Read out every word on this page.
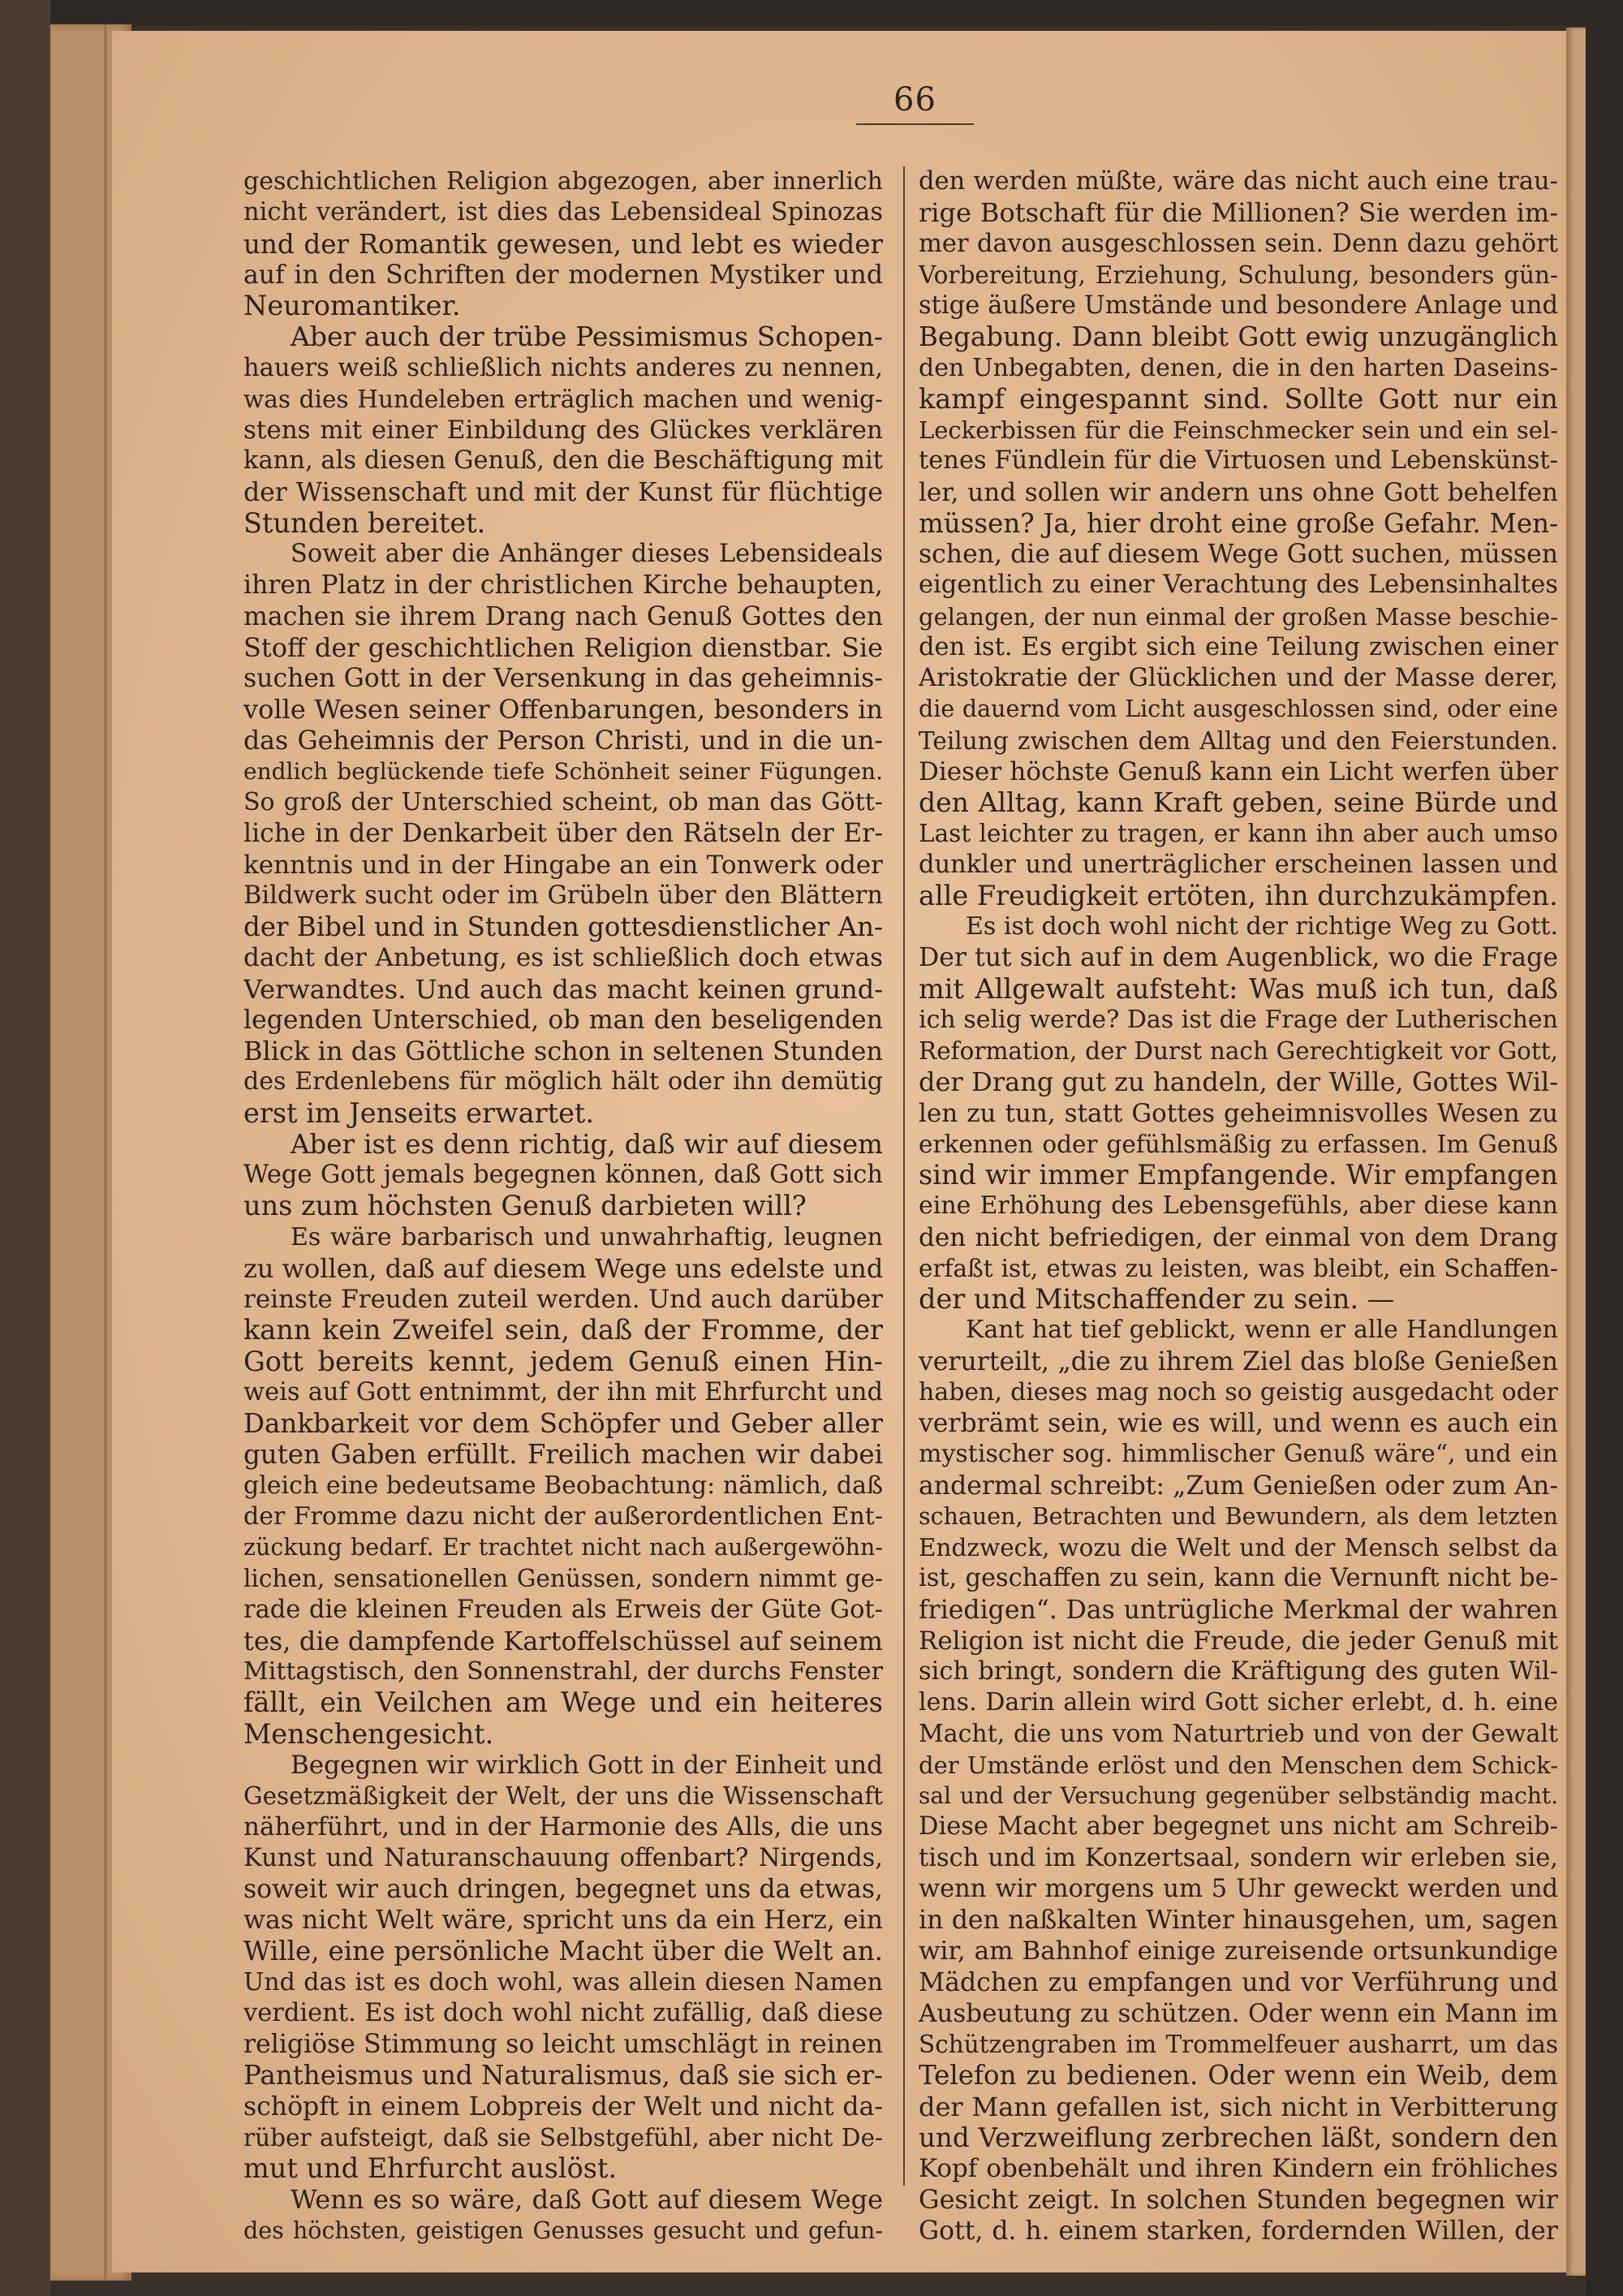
66
geschichtlichen Religion abgezogen, aber innerlich
nicht verändert, ist dies das Lebensideal Spinozas
und der Romantik gewesen, und lebt es wieder
auf in den Schriften der modernen Mystiker und
Neuromantiker.
Aber auch der trübe Pessimismus Schopen-
hauers weiß schließlich nichts anderes zu nennen,
was dies Hundeleben erträglich machen und wenig-
stens mit einer Einbildung des Glückes verklären
kann, als diesen Genuß, den die Beschäftigung mit
der Wissenschaft und mit der Kunst für flüchtige
Stunden bereitet.
Soweit aber die Anhänger dieses Lebensideals
ihren Platz in der christlichen Kirche behaupten,
machen sie ihrem Drang nach Genuß Gottes den
Stoff der geschichtlichen Religion dienstbar. Sie
suchen Gott in der Versenkung in das geheimnis-
volle Wesen seiner Offenbarungen, besonders in
das Geheimnis der Person Christi, und in die un-
endlich beglückende tiefe Schönheit seiner Fügungen.
So groß der Unterschied scheint, ob man das Gött-
liche in der Denkarbeit über den Rätseln der Er-
kenntnis und in der Hingabe an ein Tonwerk oder
Bildwerk sucht oder im Grübeln über den Blättern
der Bibel und in Stunden gottesdienstlicher An-
dacht der Anbetung, es ist schließlich doch etwas
Verwandtes. Und auch das macht keinen grund-
legenden Unterschied, ob man den beseligenden
Blick in das Göttliche schon in seltenen Stunden
des Erdenlebens für möglich hält oder ihn demütig
erst im Jenseits erwartet.
Aber ist es denn richtig, daß wir auf diesem
Wege Gott jemals begegnen können, daß Gott sich
uns zum höchsten Genuß darbieten will?
Es wäre barbarisch und unwahrhaftig, leugnen
zu wollen, daß auf diesem Wege uns edelste und
reinste Freuden zuteil werden. Und auch darüber
kann kein Zweifel sein, daß der Fromme, der
Gott bereits kennt, jedem Genuß einen Hin-
weis auf Gott entnimmt, der ihn mit Ehrfurcht und
Dankbarkeit vor dem Schöpfer und Geber aller
guten Gaben erfüllt. Freilich machen wir dabei
gleich eine bedeutsame Beobachtung: nämlich, daß
der Fromme dazu nicht der außerordentlichen Ent-
zückung bedarf. Er trachtet nicht nach außergewöhn-
lichen, sensationellen Genüssen, sondern nimmt ge-
rade die kleinen Freuden als Erweis der Güte Got-
tes, die dampfende Kartoffelschüssel auf seinem
Mittagstisch, den Sonnenstrahl, der durchs Fenster
fällt, ein Veilchen am Wege und ein heiteres
Menschengesicht.
Begegnen wir wirklich Gott in der Einheit und
Gesetzmäßigkeit der Welt, der uns die Wissenschaft
näherführt, und in der Harmonie des Alls, die uns
Kunst und Naturanschauung offenbart? Nirgends,
soweit wir auch dringen, begegnet uns da etwas,
was nicht Welt wäre, spricht uns da ein Herz, ein
Wille, eine persönliche Macht über die Welt an.
Und das ist es doch wohl, was allein diesen Namen
verdient. Es ist doch wohl nicht zufällig, daß diese
religiöse Stimmung so leicht umschlägt in reinen
Pantheismus und Naturalismus, daß sie sich er-
schöpft in einem Lobpreis der Welt und nicht da-
rüber aufsteigt, daß sie Selbstgefühl, aber nicht De-
mut und Ehrfurcht auslöst.
Wenn es so wäre, daß Gott auf diesem Wege
des höchsten, geistigen Genusses gesucht und gefun-
den werden müßte, wäre das nicht auch eine trau-
rige Botschaft für die Millionen? Sie werden im-
mer davon ausgeschlossen sein. Denn dazu gehört
Vorbereitung, Erziehung, Schulung, besonders gün-
stige äußere Umstände und besondere Anlage und
Begabung. Dann bleibt Gott ewig unzugänglich
den Unbegabten, denen, die in den harten Daseins-
kampf eingespannt sind. Sollte Gott nur ein
Leckerbissen für die Feinschmecker sein und ein sel-
tenes Fündlein für die Virtuosen und Lebenskünst-
ler, und sollen wir andern uns ohne Gott behelfen
müssen? Ja, hier droht eine große Gefahr. Men-
schen, die auf diesem Wege Gott suchen, müssen
eigentlich zu einer Verachtung des Lebensinhaltes
gelangen, der nun einmal der großen Masse beschie-
den ist. Es ergibt sich eine Teilung zwischen einer
Aristokratie der Glücklichen und der Masse derer,
die dauernd vom Licht ausgeschlossen sind, oder eine
Teilung zwischen dem Alltag und den Feierstunden.
Dieser höchste Genuß kann ein Licht werfen über
den Alltag, kann Kraft geben, seine Bürde und
Last leichter zu tragen, er kann ihn aber auch umso
dunkler und unerträglicher erscheinen lassen und
alle Freudigkeit ertöten, ihn durchzukämpfen.
Es ist doch wohl nicht der richtige Weg zu Gott.
Der tut sich auf in dem Augenblick, wo die Frage
mit Allgewalt aufsteht: Was muß ich tun, daß
ich selig werde? Das ist die Frage der Lutherischen
Reformation, der Durst nach Gerechtigkeit vor Gott,
der Drang gut zu handeln, der Wille, Gottes Wil-
len zu tun, statt Gottes geheimnisvolles Wesen zu
erkennen oder gefühlsmäßig zu erfassen. Im Genuß
sind wir immer Empfangende. Wir empfangen
eine Erhöhung des Lebensgefühls, aber diese kann
den nicht befriedigen, der einmal von dem Drang
erfaßt ist, etwas zu leisten, was bleibt, ein Schaffen-
der und Mitschaffender zu sein. —
Kant hat tief geblickt, wenn er alle Handlungen
verurteilt, „die zu ihrem Ziel das bloße Genießen
haben, dieses mag noch so geistig ausgedacht oder
verbrämt sein, wie es will, und wenn es auch ein
mystischer sog. himmlischer Genuß wäre“, und ein
andermal schreibt: „Zum Genießen oder zum An-
schauen, Betrachten und Bewundern, als dem letzten
Endzweck, wozu die Welt und der Mensch selbst da
ist, geschaffen zu sein, kann die Vernunft nicht be-
friedigen“. Das untrügliche Merkmal der wahren
Religion ist nicht die Freude, die jeder Genuß mit
sich bringt, sondern die Kräftigung des guten Wil-
lens. Darin allein wird Gott sicher erlebt, d. h. eine
Macht, die uns vom Naturtrieb und von der Gewalt
der Umstände erlöst und den Menschen dem Schick-
sal und der Versuchung gegenüber selbständig macht.
Diese Macht aber begegnet uns nicht am Schreib-
tisch und im Konzertsaal, sondern wir erleben sie,
wenn wir morgens um 5 Uhr geweckt werden und
in den naßkalten Winter hinausgehen, um, sagen
wir, am Bahnhof einige zureisende ortsunkundige
Mädchen zu empfangen und vor Verführung und
Ausbeutung zu schützen. Oder wenn ein Mann im
Schützengraben im Trommelfeuer ausharrt, um das
Telefon zu bedienen. Oder wenn ein Weib, dem
der Mann gefallen ist, sich nicht in Verbitterung
und Verzweiflung zerbrechen läßt, sondern den
Kopf obenbehält und ihren Kindern ein fröhliches
Gesicht zeigt. In solchen Stunden begegnen wir
Gott, d. h. einem starken, fordernden Willen, der
